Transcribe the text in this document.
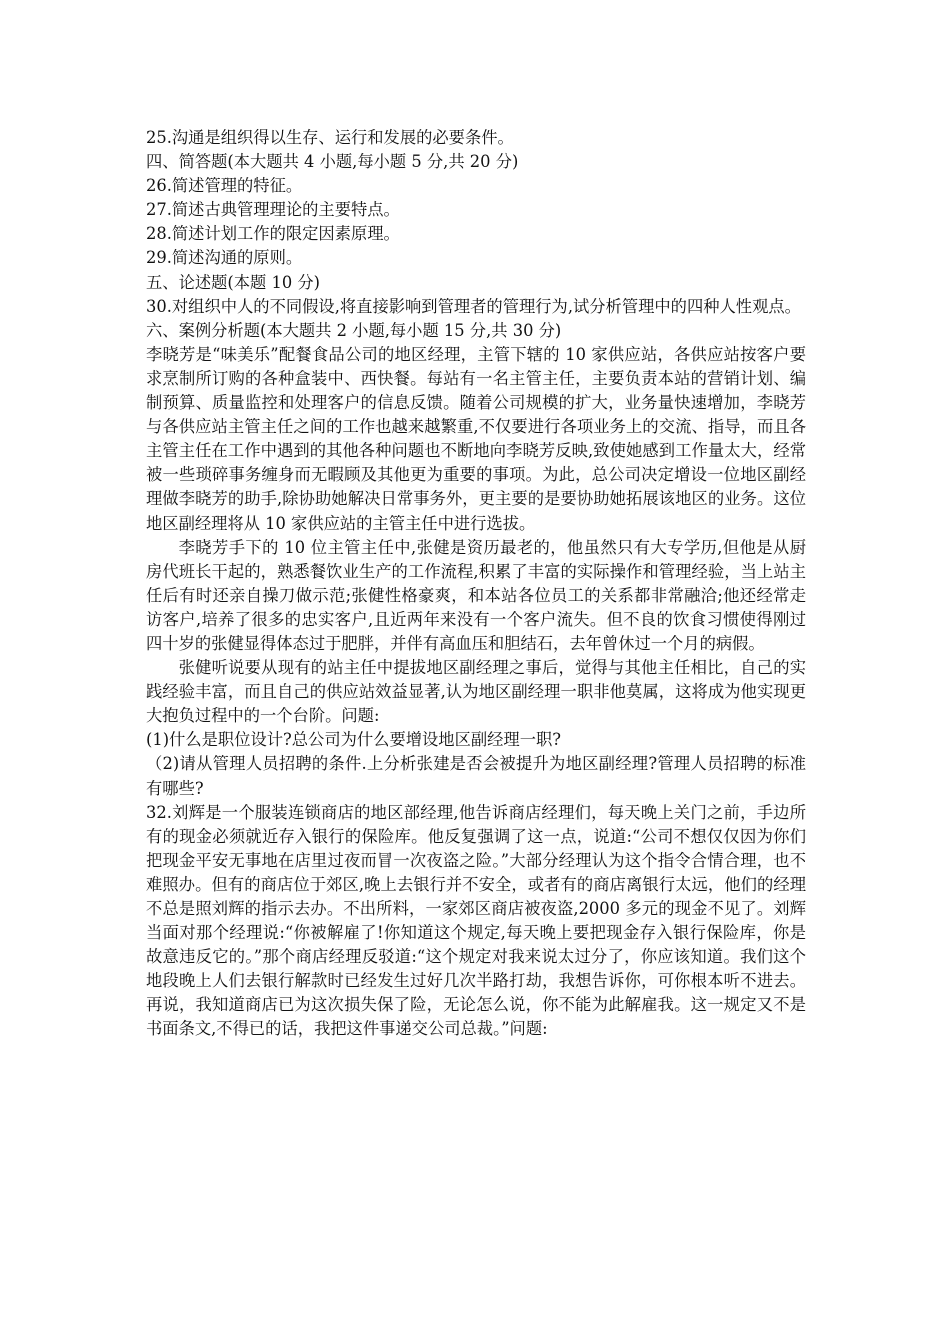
25.沟通是组织得以生存、运行和发展的必要条件。

四、简答题(本大题共 4 小题,每小题 5 分,共 20 分)

26.简述管理的特征。

27.简述古典管理理论的主要特点。

28.简述计划工作的限定因素原理。

29.简述沟通的原则。

五、论述题(本题 10 分)

30.对组织中人的不同假设,将直接影响到管理者的管理行为,试分析管理中的四种人性观点。

六、案例分析题(本大题共 2 小题,每小题 15 分,共 30 分)

李晓芳是“味美乐”配餐食品公司的地区经理，主管下辖的 10 家供应站，各供应站按客户要求烹制所订购的各种盒装中、西快餐。每站有一名主管主任，主要负责本站的营销计划、编制预算、质量监控和处理客户的信息反馈。随着公司规模的扩大，业务量快速增加，李晓芳与各供应站主管主任之间的工作也越来越繁重,不仅要进行各项业务上的交流、指导，而且各主管主任在工作中遇到的其他各种问题也不断地向李晓芳反映,致使她感到工作量太大，经常被一些琐碎事务缠身而无暇顾及其他更为重要的事项。为此，总公司决定增设一位地区副经理做李晓芳的助手,除协助她解决日常事务外，更主要的是要协助她拓展该地区的业务。这位地区副经理将从 10 家供应站的主管主任中进行选拔。

李晓芳手下的 10 位主管主任中,张健是资历最老的，他虽然只有大专学历,但他是从厨房代班长干起的，熟悉餐饮业生产的工作流程,积累了丰富的实际操作和管理经验，当上站主任后有时还亲自操刀做示范;张健性格豪爽，和本站各位员工的关系都非常融洽;他还经常走访客户,培养了很多的忠实客户,且近两年来没有一个客户流失。但不良的饮食习惯使得刚过四十岁的张健显得体态过于肥胖，并伴有高血压和胆结石，去年曾休过一个月的病假。

张健听说要从现有的站主任中提拔地区副经理之事后，觉得与其他主任相比，自己的实践经验丰富，而且自己的供应站效益显著,认为地区副经理一职非他莫属，这将成为他实现更大抱负过程中的一个台阶。问题:

(1)什么是职位设计?总公司为什么要增设地区副经理一职?

（2)请从管理人员招聘的条件.上分析张建是否会被提升为地区副经理?管理人员招聘的标准有哪些?

32.刘辉是一个服装连锁商店的地区部经理,他告诉商店经理们，每天晚上关门之前，手边所有的现金必须就近存入银行的保险库。他反复强调了这一点，说道:“公司不想仅仅因为你们把现金平安无事地在店里过夜而冒一次夜盗之险。”大部分经理认为这个指令合情合理，也不难照办。但有的商店位于郊区,晚上去银行并不安全，或者有的商店离银行太远，他们的经理不总是照刘辉的指示去办。不出所料，一家郊区商店被夜盗,2000 多元的现金不见了。刘辉当面对那个经理说:“你被解雇了!你知道这个规定,每天晚上要把现金存入银行保险库，你是故意违反它的。”那个商店经理反驳道:“这个规定对我来说太过分了，你应该知道。我们这个地段晚上人们去银行解款时已经发生过好几次半路打劫，我想告诉你，可你根本听不进去。再说，我知道商店已为这次损失保了险，无论怎么说，你不能为此解雇我。这一规定又不是书面条文,不得已的话，我把这件事递交公司总裁。”问题:
